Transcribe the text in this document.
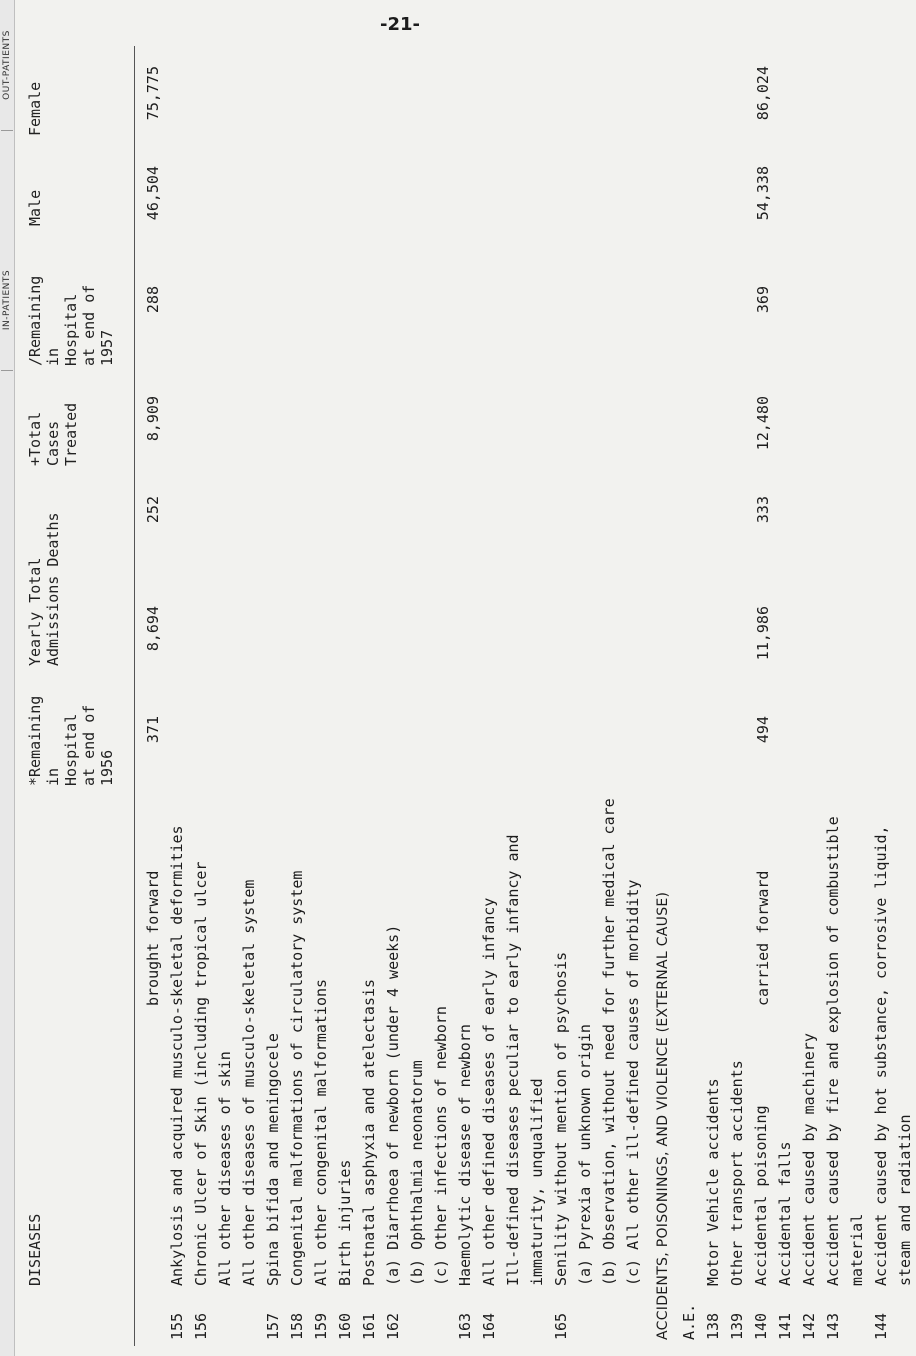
OUT-PATIENTS
IN-PATIENTS
-21-
DISEASES
*Remaining
in
Hospital
at end of
1956
Yearly Total
Admissions Deaths
+Total
Cases
Treated
/Remaining
in
Hospital
at end of
1957
Male
Female
brought forward
371
8,694
252
8,909
288
46,504
75,775
155
Ankylosis and acquired musculo-skeletal deformities
156
Chronic Ulcer of Skin (including tropical ulcer All other diseases of skin All other diseases of musculo-skeletal system
157
Spina bifida and meningocele
158
Congenital malformations of circulatory system
159
All other congenital malformations
160
Birth injuries
161
Postnatal asphyxia and atelectasis
162
(a) Diarrhoea of newborn (under 4 weeks) (b) Ophthalmia neonatorum (c) Other infections of newborn
163
Haemolytic disease of newborn
164
All other defined diseases of early infancy Ill-defined diseases peculiar to early infancy and immaturity, unqualified
165
Senility without mention of psychosis (a) Pyrexia of unknown origin (b) Observation, without need for further medical care (c) All other ill-defined causes of morbidity ACCIDENTS, POISONINGS, AND VIOLENCE (EXTERNAL CAUSE) A.E. 138
Motor Vehicle accidents
139
Other transport accidents
140
Accidental poisoning
141
Accidental falls
142
Accident caused by machinery
143
Accident caused by fire and explosion of combustible material
144
Accident caused by hot substance, corrosive liquid, steam and radiation
carried forward
494
11,986
333
12,480
369
54,338
86,024
